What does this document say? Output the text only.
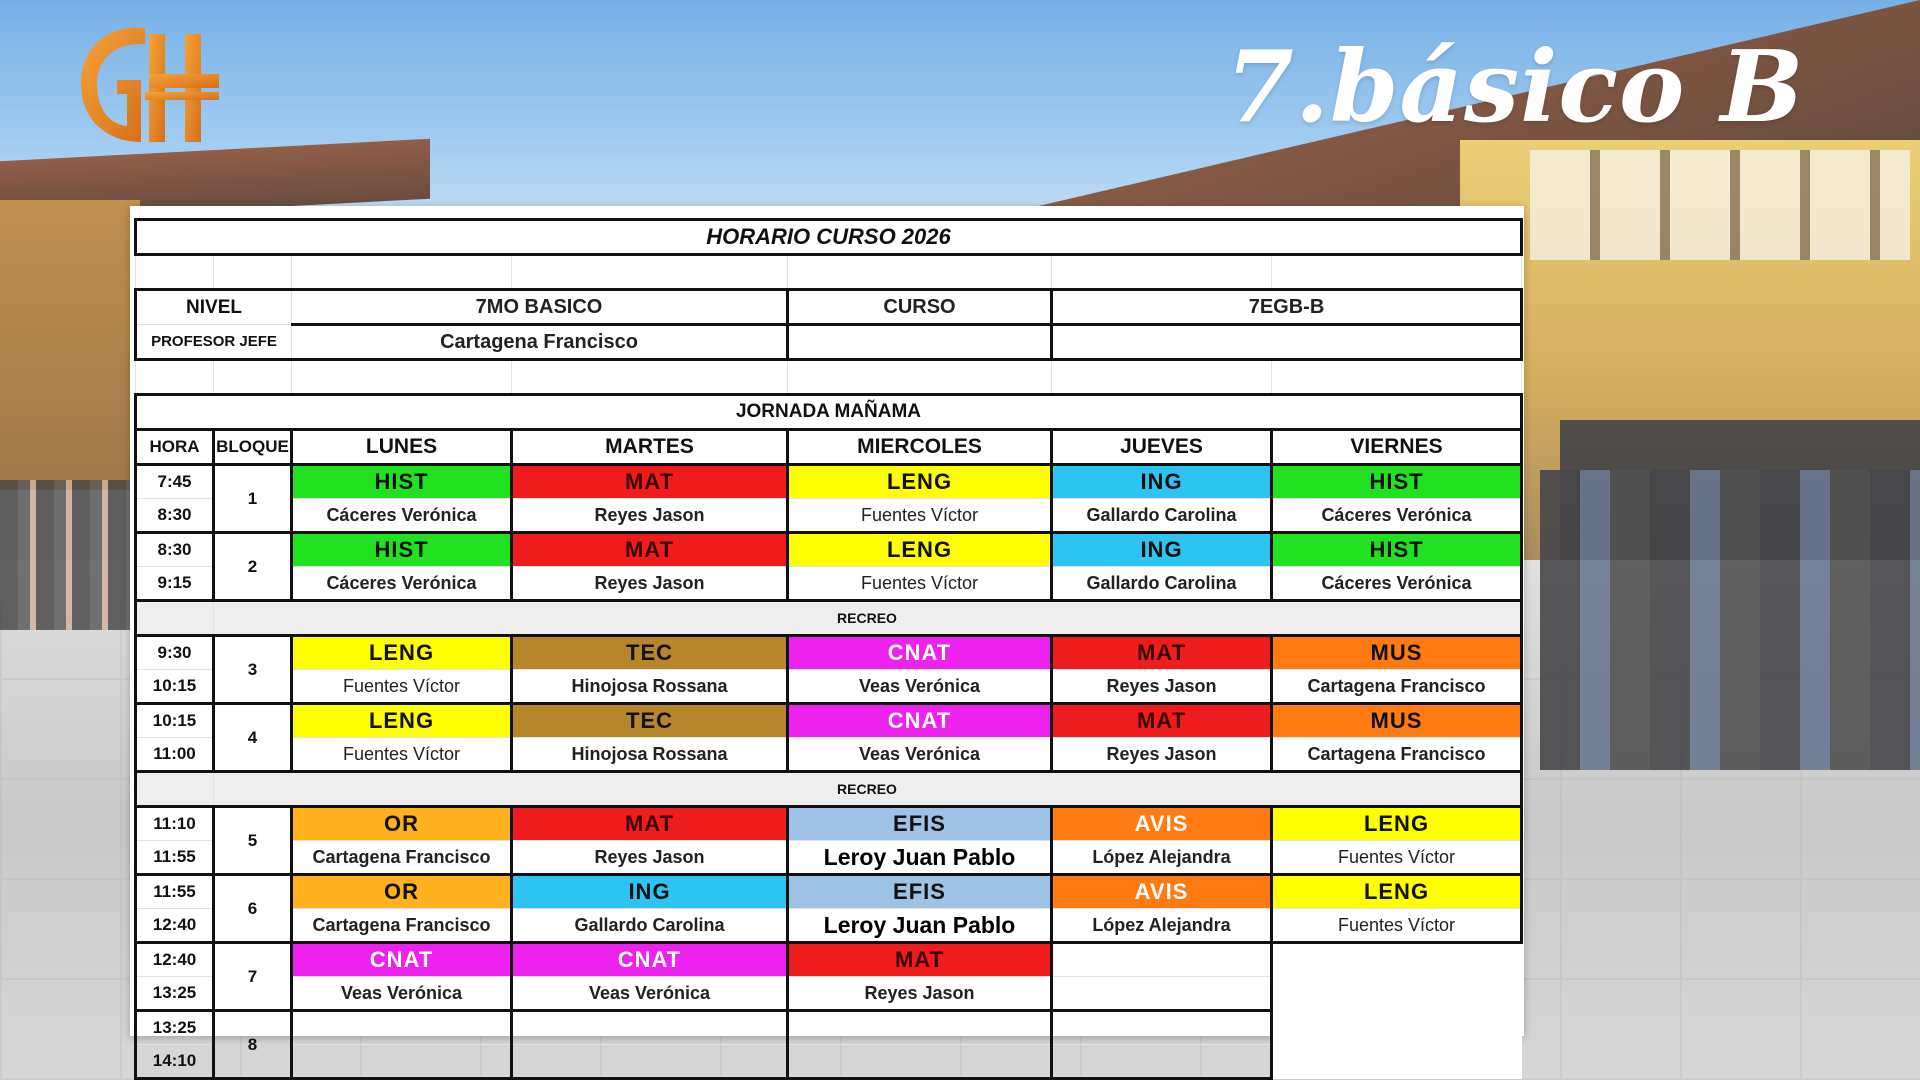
7.básico B
HORARIO CURSO 2026						

NIVEL		7MO BASICO		CURSO	7EGB-B	
PROFESOR JEFE		Cartagena Francisco				

JORNADA MAÑAMA						
HORA	BLOQUE	LUNES	MARTES	MIERCOLES	JUEVES	VIERNES
7:45	1	HIST	MAT	LENG	ING	HIST
8:30		Cáceres Verónica	Reyes Jason	Fuentes Víctor	Gallardo Carolina	Cáceres Verónica
8:30	2	HIST	MAT	LENG	ING	HIST
9:15		Cáceres Verónica	Reyes Jason	Fuentes Víctor	Gallardo Carolina	Cáceres Verónica
	RECREO					
9:30	3	LENG	TEC	CNAT	MAT	MUS
10:15		Fuentes Víctor	Hinojosa Rossana	Veas Verónica	Reyes Jason	Cartagena Francisco
10:15	4	LENG	TEC	CNAT	MAT	MUS
11:00		Fuentes Víctor	Hinojosa Rossana	Veas Verónica	Reyes Jason	Cartagena Francisco
	RECREO					
11:10	5	OR	MAT	EFIS	AVIS	LENG
11:55		Cartagena Francisco	Reyes Jason	Leroy Juan Pablo	López Alejandra	Fuentes Víctor
11:55	6	OR	ING	EFIS	AVIS	LENG
12:40		Cartagena Francisco	Gallardo Carolina	Leroy Juan Pablo	López Alejandra	Fuentes Víctor
12:40	7	CNAT	CNAT	MAT		
13:25		Veas Verónica	Veas Verónica	Reyes Jason		
13:25	8					
14:10						
